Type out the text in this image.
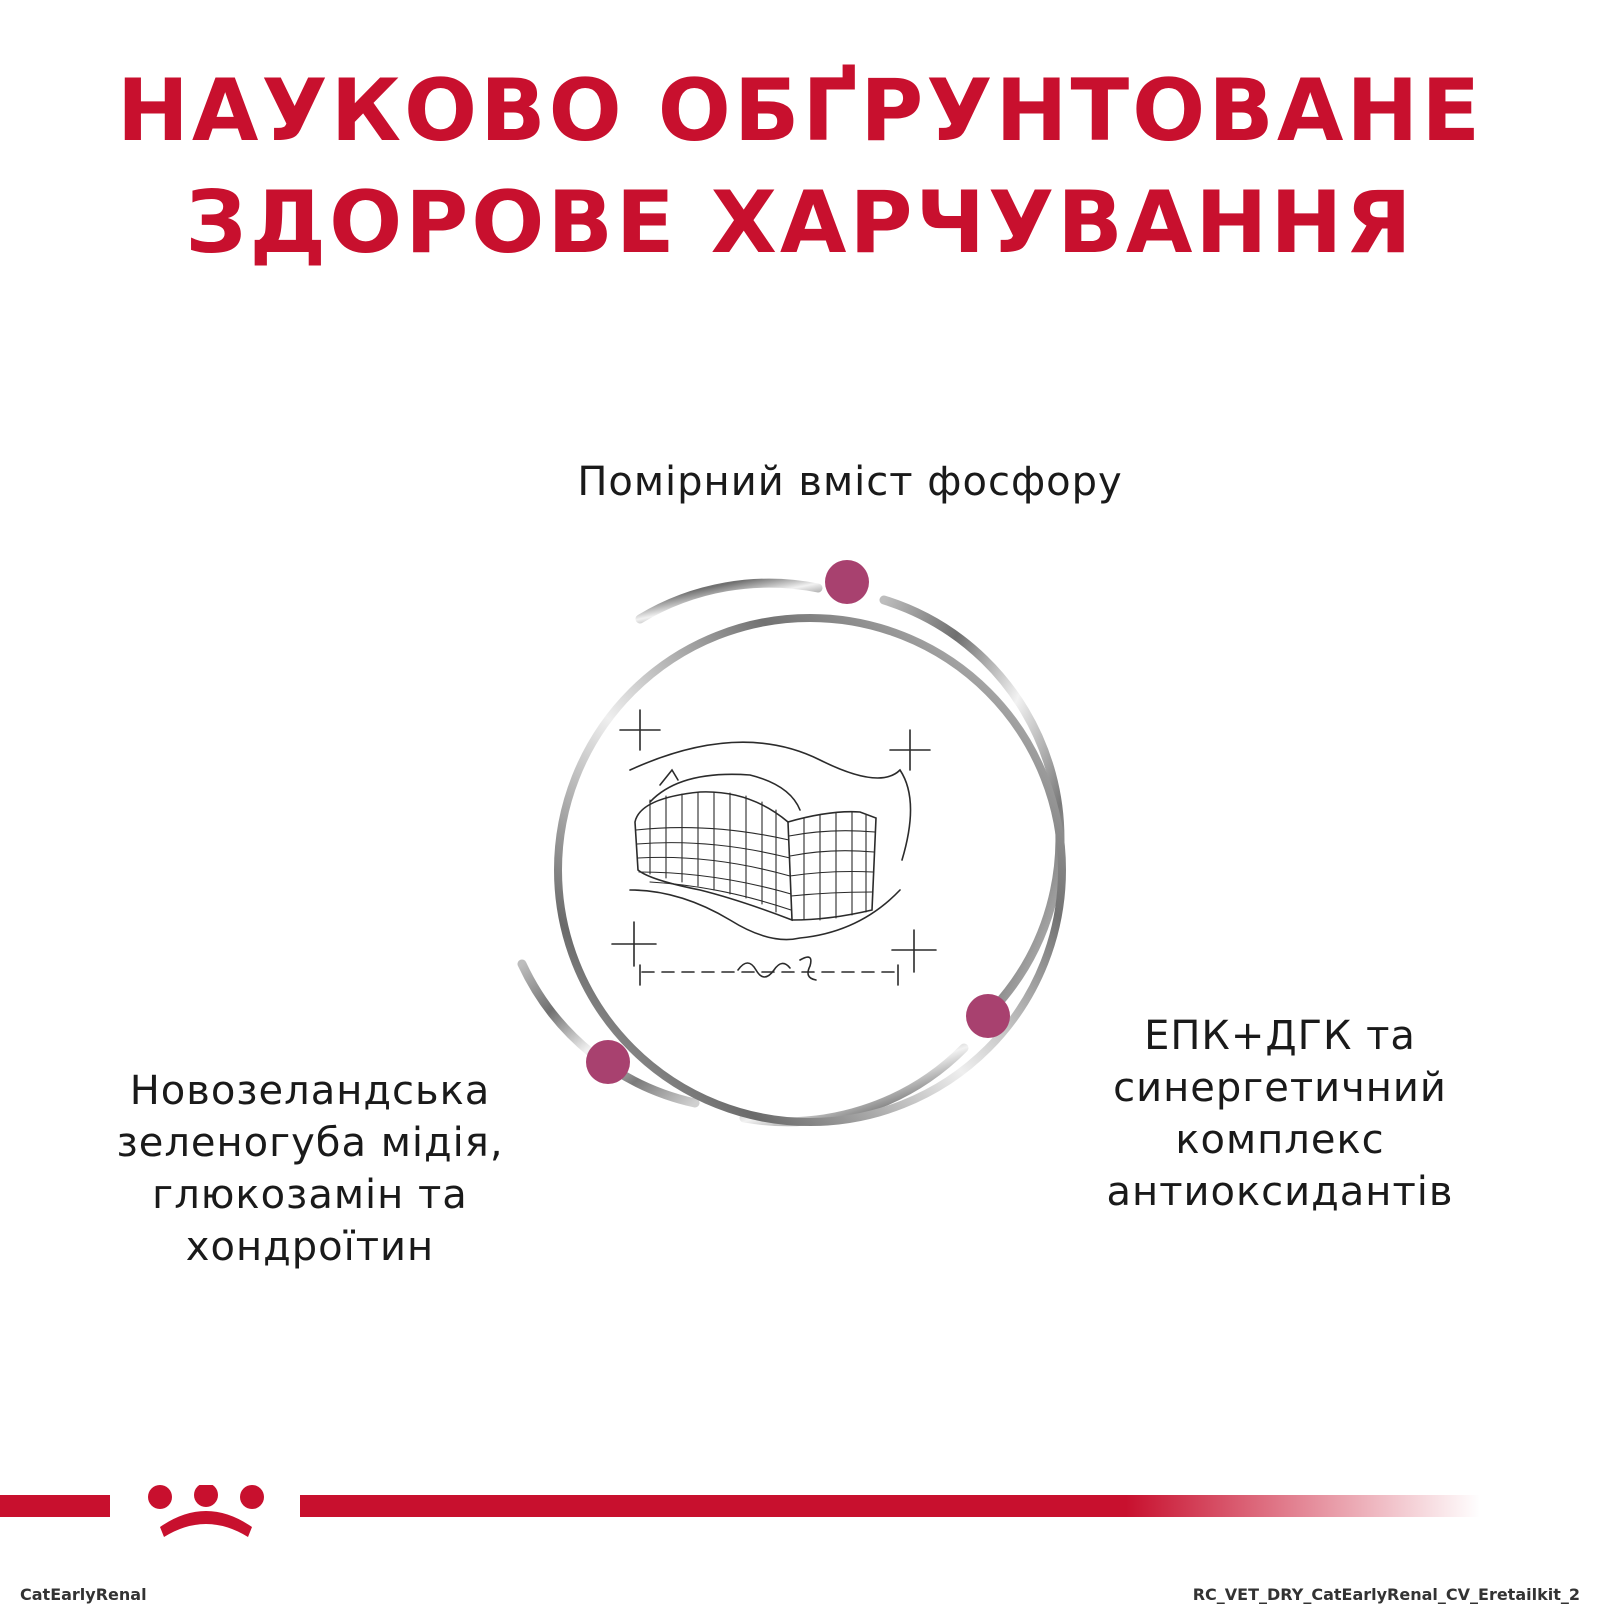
НАУКОВО ОБҐРУНТОВАНЕ
ЗДОРОВЕ ХАРЧУВАННЯ

Помірний вміст фосфору

ЕПК+ДГК та
синергетичний
комплекс
антиоксидантів

Новозеландська
зеленогуба мідія,
глюкозамін та
хондроїтин

CatEarlyRenal	RC_VET_DRY_CatEarlyRenal_CV_Eretailkit_2
